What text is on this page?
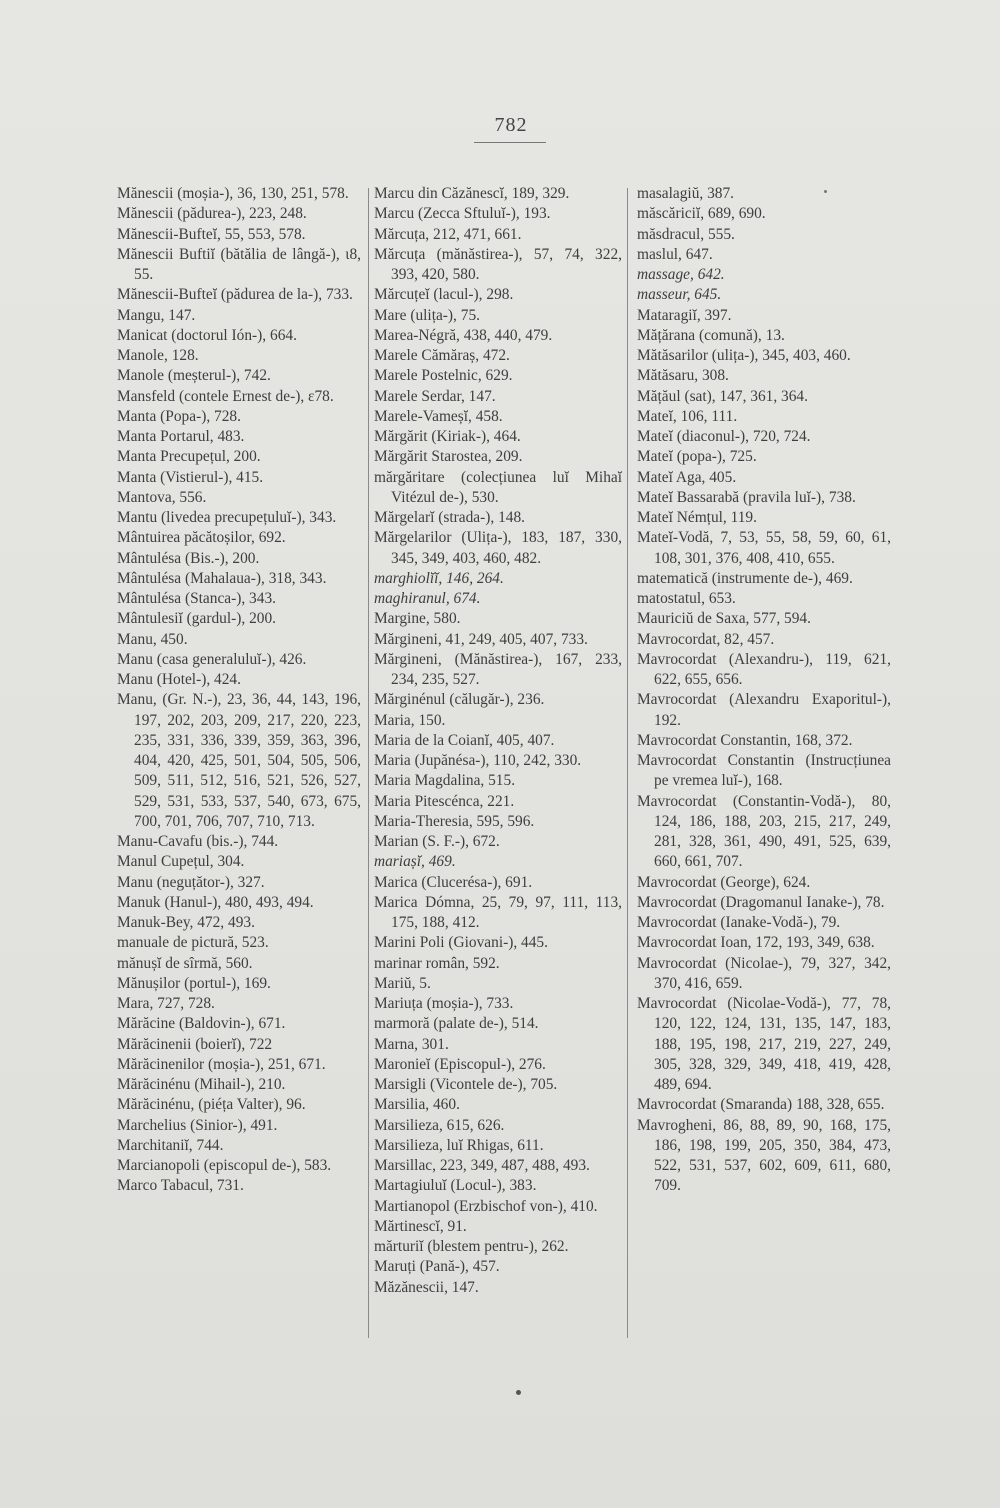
782
Mănescii (moșia-), 36, 130, 251, 578.
Mănescii (pădurea-), 223, 248.
Mănescii-Bufteĭ, 55, 553, 578.
Mănescii Buftiĭ (bătălia de lângă-), ɩ8, 55.
Mănescii-Bufteĭ (pădurea de la-), 733.
Mangu, 147.
Manicat (doctorul Ión-), 664.
Manole, 128.
Manole (meșterul-), 742.
Mansfeld (contele Ernest de-), ɛ78.
Manta (Popa-), 728.
Manta Portarul, 483.
Manta Precupețul, 200.
Manta (Vistierul-), 415.
Mantova, 556.
Mantu (livedea precupețuluĭ-), 343.
Mântuirea păcătoșilor, 692.
Mântulésa (Bis.-), 200.
Mântulésa (Mahalaua-), 318, 343.
Mântulésa (Stanca-), 343.
Mântulesiĭ (gardul-), 200.
Manu, 450.
Manu (casa generaluluĭ-), 426.
Manu (Hotel-), 424.
Manu, (Gr. N.-), 23, 36, 44, 143, 196, 197, 202, 203, 209, 217, 220, 223, 235, 331, 336, 339, 359, 363, 396, 404, 420, 425, 501, 504, 505, 506, 509, 511, 512, 516, 521, 526, 527, 529, 531, 533, 537, 540, 673, 675, 700, 701, 706, 707, 710, 713.
Manu-Cavafu (bis.-), 744.
Manul Cupețul, 304.
Manu (neguțător-), 327.
Manuk (Hanul-), 480, 493, 494.
Manuk-Bey, 472, 493.
manuale de pictură, 523.
mănușĭ de sîrmă, 560.
Mănușilor (portul-), 169.
Mara, 727, 728.
Mărăcine (Baldovin-), 671.
Mărăcinenii (boierĭ), 722
Mărăcinenilor (moșia-), 251, 671.
Mărăcinénu (Mihail-), 210.
Mărăcinénu, (piéța Valter), 96.
Marchelius (Sinior-), 491.
Marchitaniĭ, 744.
Marcianopoli (episcopul de-), 583.
Marco Tabacul, 731.
Marcu din Căzănescĭ, 189, 329.
Marcu (Zecca Sftuluĭ-), 193.
Mărcuța, 212, 471, 661.
Mărcuța (mănăstirea-), 57, 74, 322, 393, 420, 580.
Mărcuțeĭ (lacul-), 298.
Mare (ulița-), 75.
Marea-Négră, 438, 440, 479.
Marele Cămăraș, 472.
Marele Postelnic, 629.
Marele Serdar, 147.
Marele-Vameșĭ, 458.
Mărgărit (Kiriak-), 464.
Mărgărit Starostea, 209.
mărgăritare (colecțiunea luĭ Mihaĭ Vitézul de-), 530.
Mărgelarĭ (strada-), 148.
Mărgelarilor (Ulița-), 183, 187, 330, 345, 349, 403, 460, 482.
marghiolĭĭ, 146, 264.
maghiranul, 674.
Margine, 580.
Mărgineni, 41, 249, 405, 407, 733.
Mărgineni, (Mănăstirea-), 167, 233, 234, 235, 527.
Mărginénul (călugăr-), 236.
Maria, 150.
Maria de la Coianĭ, 405, 407.
Maria (Jupănésa-), 110, 242, 330.
Maria Magdalina, 515.
Maria Pitescénca, 221.
Maria-Theresia, 595, 596.
Marian (S. F.-), 672.
mariașĭ, 469.
Marica (Clucerésa-), 691.
Marica Dómna, 25, 79, 97, 111, 113, 175, 188, 412.
Marini Poli (Giovani-), 445.
marinar român, 592.
Mariŭ, 5.
Mariuța (moșia-), 733.
marmoră (palate de-), 514.
Marna, 301.
Maronieĭ (Episcopul-), 276.
Marsigli (Vicontele de-), 705.
Marsilia, 460.
Marsilieza, 615, 626.
Marsilieza, luĭ Rhigas, 611.
Marsillac, 223, 349, 487, 488, 493.
Martagiuluĭ (Locul-), 383.
Martianopol (Erzbischof von-), 410.
Mărtinescĭ, 91.
mărturiĭ (blestem pentru-), 262.
Maruți (Pană-), 457.
Măzănescii, 147.
masalagiŭ, 387.
măscăriciĭ, 689, 690.
măsdracul, 555.
maslul, 647.
massage, 642.
masseur, 645.
Mataragiĭ, 397.
Mățărana (comună), 13.
Mătăsarilor (ulița-), 345, 403, 460.
Mătăsaru, 308.
Mățăul (sat), 147, 361, 364.
Mateĭ, 106, 111.
Mateĭ (diaconul-), 720, 724.
Mateĭ (popa-), 725.
Mateĭ Aga, 405.
Mateĭ Bassarabă (pravila luĭ-), 738.
Mateĭ Némțul, 119.
Mateĭ-Vodă, 7, 53, 55, 58, 59, 60, 61, 108, 301, 376, 408, 410, 655.
matematică (instrumente de-), 469.
matostatul, 653.
Mauriciŭ de Saxa, 577, 594.
Mavrocordat, 82, 457.
Mavrocordat (Alexandru-), 119, 621, 622, 655, 656.
Mavrocordat (Alexandru Exaporitul-), 192.
Mavrocordat Constantin, 168, 372.
Mavrocordat Constantin (Instrucțiunea pe vremea luĭ-), 168.
Mavrocordat (Constantin-Vodă-), 80, 124, 186, 188, 203, 215, 217, 249, 281, 328, 361, 490, 491, 525, 639, 660, 661, 707.
Mavrocordat (George), 624.
Mavrocordat (Dragomanul Ianake-), 78.
Mavrocordat (Ianake-Vodă-), 79.
Mavrocordat Ioan, 172, 193, 349, 638.
Mavrocordat (Nicolae-), 79, 327, 342, 370, 416, 659.
Mavrocordat (Nicolae-Vodă-), 77, 78, 120, 122, 124, 131, 135, 147, 183, 188, 195, 198, 217, 219, 227, 249, 305, 328, 329, 349, 418, 419, 428, 489, 694.
Mavrocordat (Smaranda) 188, 328, 655.
Mavrogheni, 86, 88, 89, 90, 168, 175, 186, 198, 199, 205, 350, 384, 473, 522, 531, 537, 602, 609, 611, 680, 709.
